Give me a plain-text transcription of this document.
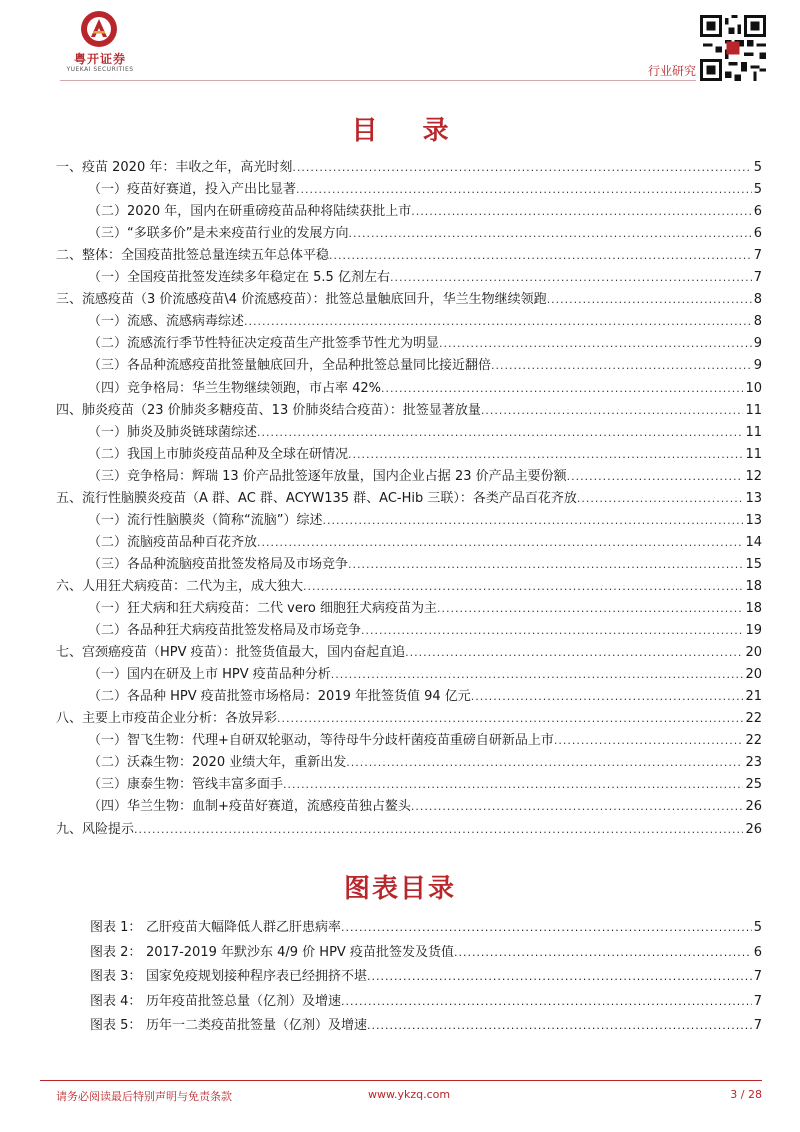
粤开证券
YUEKAI SECURITIES	行业研究
目 录
一、疫苗 2020 年：丰收之年，高光时刻 .....	5
（一）疫苗好赛道，投入产出比显著 .....	5
（二）2020 年，国内在研重磅疫苗品种将陆续获批上市 .....	6
（三）“多联多价”是未来疫苗行业的发展方向 .....	6
二、整体：全国疫苗批签总量连续五年总体平稳 .....	7
（一）全国疫苗批签发连续多年稳定在 5.5 亿剂左右 .....	7
三、流感疫苗（3 价流感疫苗\4 价流感疫苗）：批签总量触底回升，华兰生物继续领跑 .....	8
（一）流感、流感病毒综述 .....	8
（二）流感流行季节性特征决定疫苗生产批签季节性尤为明显 .....	9
（三）各品种流感疫苗批签量触底回升，全品种批签总量同比接近翻倍 .....	9
（四）竞争格局：华兰生物继续领跑，市占率 42% .....	10
四、肺炎疫苗（23 价肺炎多糖疫苗、13 价肺炎结合疫苗）：批签显著放量 .....	11
（一）肺炎及肺炎链球菌综述 .....	11
（二）我国上市肺炎疫苗品种及全球在研情况 .....	11
（三）竞争格局：辉瑞 13 价产品批签逐年放量，国内企业占据 23 价产品主要份额 .....	12
五、流行性脑膜炎疫苗（A 群、AC 群、ACYW135 群、AC-Hib 三联）：各类产品百花齐放 .....	13
（一）流行性脑膜炎（简称“流脑”）综述 .....	13
（二）流脑疫苗品种百花齐放 .....	14
（三）各品种流脑疫苗批签发格局及市场竞争 .....	15
六、人用狂犬病疫苗：二代为主，成大独大 .....	18
（一）狂犬病和狂犬病疫苗：二代 vero 细胞狂犬病疫苗为主 .....	18
（二）各品种狂犬病疫苗批签发格局及市场竞争 .....	19
七、宫颈癌疫苗（HPV 疫苗）：批签货值最大，国内奋起直追 .....	20
（一）国内在研及上市 HPV 疫苗品种分析 .....	20
（二）各品种 HPV 疫苗批签市场格局：2019 年批签货值 94 亿元 .....	21
八、主要上市疫苗企业分析：各放异彩 .....	22
（一）智飞生物：代理+自研双轮驱动，等待母牛分歧杆菌疫苗重磅自研新品上市 .....	22
（二）沃森生物：2020 业绩大年，重新出发 .....	23
（三）康泰生物：管线丰富多面手 .....	25
（四）华兰生物：血制+疫苗好赛道，流感疫苗独占鳌头 .....	26
九、风险提示 .....	26
图表目录
图表 1： 乙肝疫苗大幅降低人群乙肝患病率 .....	5
图表 2： 2017-2019 年默沙东 4/9 价 HPV 疫苗批签发及货值 .....	6
图表 3： 国家免疫规划接种程序表已经拥挤不堪 .....	7
图表 4： 历年疫苗批签总量（亿剂）及增速 .....	7
图表 5： 历年一二类疫苗批签量（亿剂）及增速 .....	7
请务必阅读最后特别声明与免责条款	www.ykzq.com	3 / 28
